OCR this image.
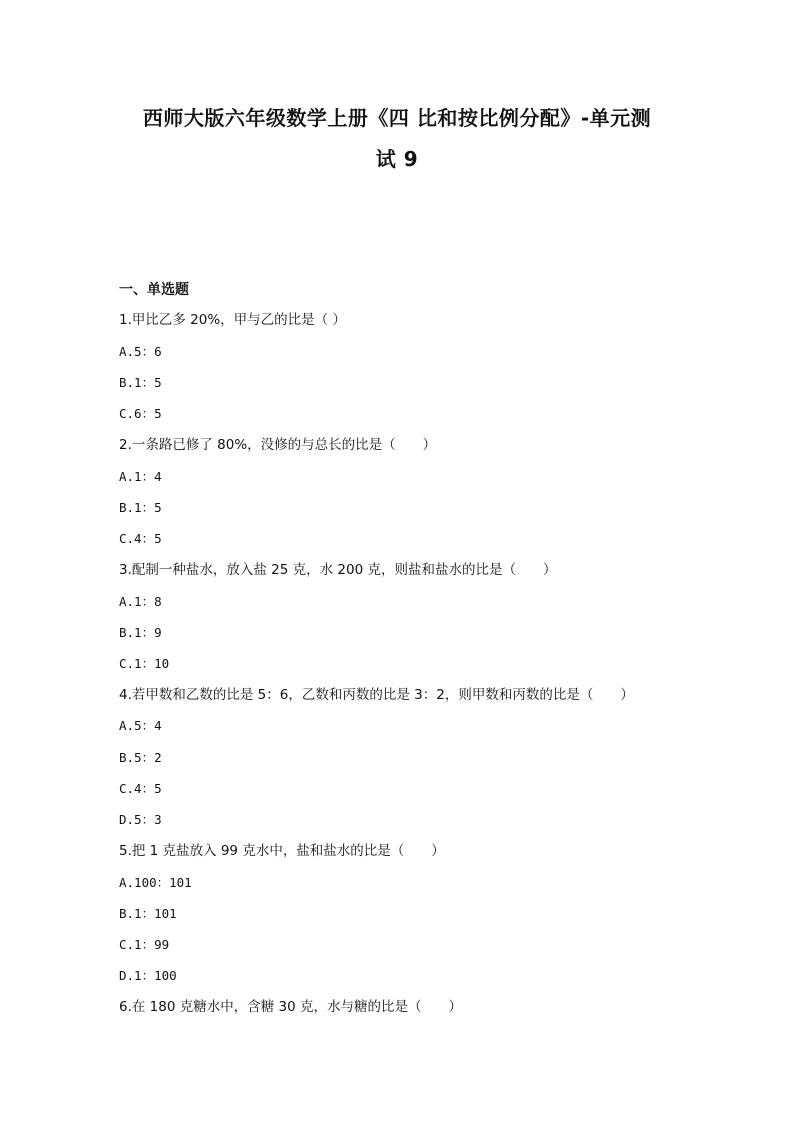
西师大版六年级数学上册《四 比和按比例分配》-单元测
试 9
一、单选题
1.甲比乙多 20%，甲与乙的比是（ ）
A.5：6
B.1：5
C.6：5
2.一条路已修了 80%，没修的与总长的比是（　　）
A.1：4
B.1：5
C.4：5
3.配制一种盐水，放入盐 25 克，水 200 克，则盐和盐水的比是（　　）
A.1：8
B.1：9
C.1：10
4.若甲数和乙数的比是 5：6，乙数和丙数的比是 3：2，则甲数和丙数的比是（　　）
A.5：4
B.5：2
C.4：5
D.5：3
5.把 1 克盐放入 99 克水中，盐和盐水的比是（　　）
A.100：101
B.1：101
C.1：99
D.1：100
6.在 180 克糖水中，含糖 30 克，水与糖的比是（　　）
